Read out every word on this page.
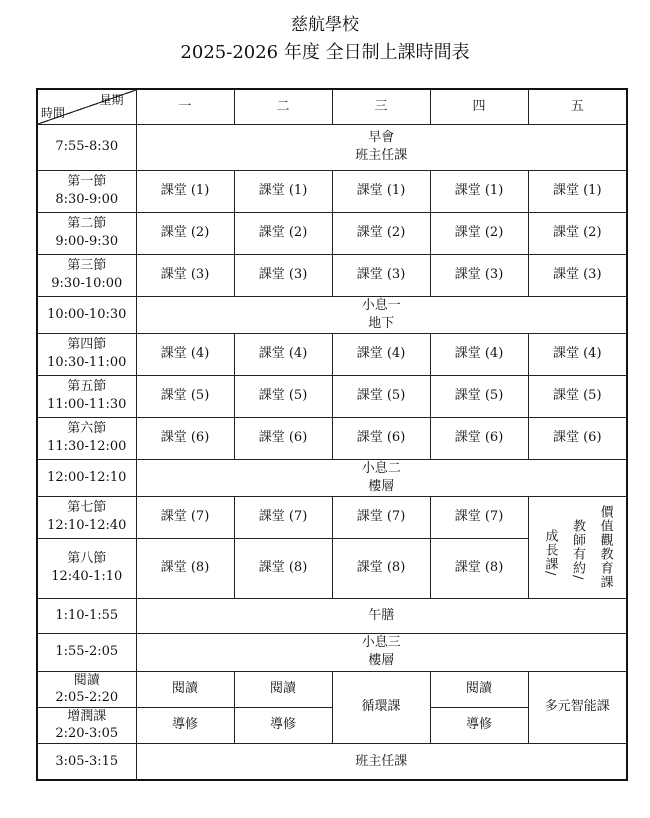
慈航學校
2025-2026 年度 全日制上課時間表
星期
時間	一	二	三	四	五
7:55-8:30	早會
班主任課				

第一節
8:30-9:00	課堂 (1)	課堂 (1)	課堂 (1)	課堂 (1)	課堂 (1)

第二節
9:00-9:30	課堂 (2)	課堂 (2)	課堂 (2)	課堂 (2)	課堂 (2)

第三節
9:30-10:00	課堂 (3)	課堂 (3)	課堂 (3)	課堂 (3)	課堂 (3)
10:00-10:30	小息一
地下				

第四節
10:30-11:00	課堂 (4)	課堂 (4)	課堂 (4)	課堂 (4)	課堂 (4)

第五節
11:00-11:30	課堂 (5)	課堂 (5)	課堂 (5)	課堂 (5)	課堂 (5)

第六節
11:30-12:00	課堂 (6)	課堂 (6)	課堂 (6)	課堂 (6)	課堂 (6)
12:00-12:10	小息二
樓層				

第七節
12:10-12:40	課堂 (7)	課堂 (7)	課堂 (7)	課堂 (7)	價值觀教育課
教師有約/
成長課/

第八節
12:40-1:10	課堂 (8)	課堂 (8)	課堂 (8)	課堂 (8)	
1:10-1:55	午膳				
1:55-2:05	小息三
樓層				

閱讀
2:05-2:20	閱讀	閱讀	循環課	閱讀	多元智能課

增潤課
2:20-3:05	導修	導修		導修	
3:05-3:15	班主任課				
